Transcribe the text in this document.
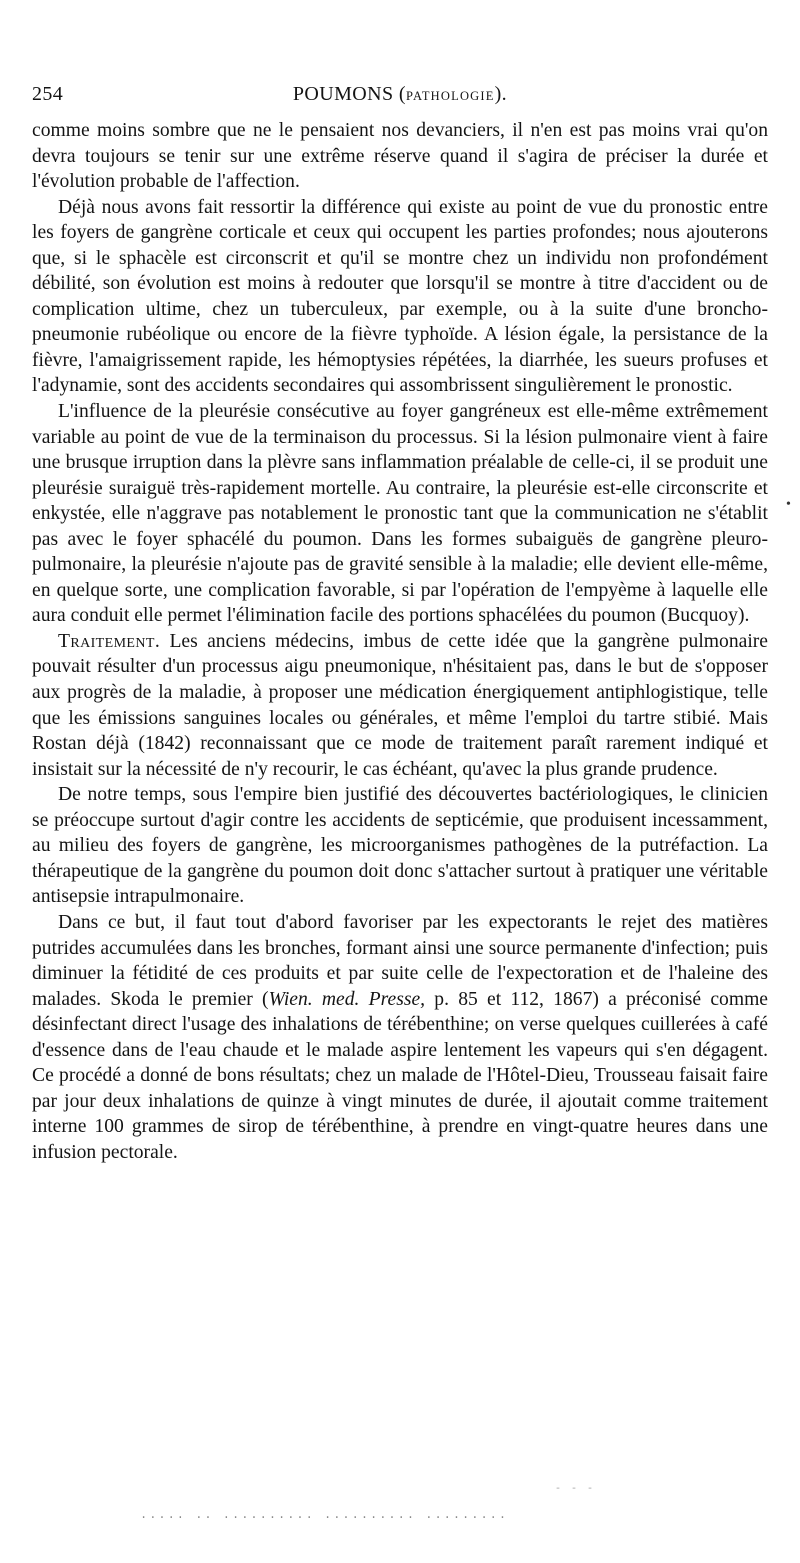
254	POUMONS (PATHOLOGIE).

comme moins sombre que ne le pensaient nos devanciers, il n'en est pas moins vrai qu'on devra toujours se tenir sur une extrême réserve quand il s'agira de préciser la durée et l'évolution probable de l'affection.

Déjà nous avons fait ressortir la différence qui existe au point de vue du pronostic entre les foyers de gangrène corticale et ceux qui occupent les parties profondes; nous ajouterons que, si le sphacèle est circonscrit et qu'il se montre chez un individu non profondément débilité, son évolution est moins à redouter que lorsqu'il se montre à titre d'accident ou de complication ultime, chez un tuberculeux, par exemple, ou à la suite d'une broncho-pneumonie rubéolique ou encore de la fièvre typhoïde. A lésion égale, la persistance de la fièvre, l'amaigrissement rapide, les hémoptysies répétées, la diarrhée, les sueurs profuses et l'adynamie, sont des accidents secondaires qui assombrissent singulièrement le pronostic.

L'influence de la pleurésie consécutive au foyer gangréneux est elle-même extrêmement variable au point de vue de la terminaison du processus. Si la lésion pulmonaire vient à faire une brusque irruption dans la plèvre sans inflammation préalable de celle-ci, il se produit une pleurésie suraiguë très-rapidement mortelle. Au contraire, la pleurésie est-elle circonscrite et enkystée, elle n'aggrave pas notablement le pronostic tant que la communication ne s'établit pas avec le foyer sphacélé du poumon. Dans les formes subaiguës de gangrène pleuro-pulmonaire, la pleurésie n'ajoute pas de gravité sensible à la maladie; elle devient elle-même, en quelque sorte, une complication favorable, si par l'opération de l'empyème à laquelle elle aura conduit elle permet l'élimination facile des portions sphacélées du poumon (Bucquoy).

Traitement. Les anciens médecins, imbus de cette idée que la gangrène pulmonaire pouvait résulter d'un processus aigu pneumonique, n'hésitaient pas, dans le but de s'opposer aux progrès de la maladie, à proposer une médication énergiquement antiphlogistique, telle que les émissions sanguines locales ou générales, et même l'emploi du tartre stibié. Mais Rostan déjà (1842) reconnaissant que ce mode de traitement paraît rarement indiqué et insistait sur la nécessité de n'y recourir, le cas échéant, qu'avec la plus grande prudence.

De notre temps, sous l'empire bien justifié des découvertes bactériologiques, le clinicien se préoccupe surtout d'agir contre les accidents de septicémie, que produisent incessamment, au milieu des foyers de gangrène, les microorganismes pathogènes de la putréfaction. La thérapeutique de la gangrène du poumon doit donc s'attacher surtout à pratiquer une véritable antisepsie intrapulmonaire.

Dans ce but, il faut tout d'abord favoriser par les expectorants le rejet des matières putrides accumulées dans les bronches, formant ainsi une source permanente d'infection; puis diminuer la fétidité de ces produits et par suite celle de l'expectoration et de l'haleine des malades. Skoda le premier (Wien. med. Presse, p. 85 et 112, 1867) a préconisé comme désinfectant direct l'usage des inhalations de térébenthine; on verse quelques cuillerées à café d'essence dans de l'eau chaude et le malade aspire lentement les vapeurs qui s'en dégagent. Ce procédé a donné de bons résultats; chez un malade de l'Hôtel-Dieu, Trousseau faisait faire par jour deux inhalations de quinze à vingt minutes de durée, il ajoutait comme traitement interne 100 grammes de sirop de térébenthine, à prendre en vingt-quatre heures dans une infusion pectorale.

•
- - -
..... .. .......... .......... .........
